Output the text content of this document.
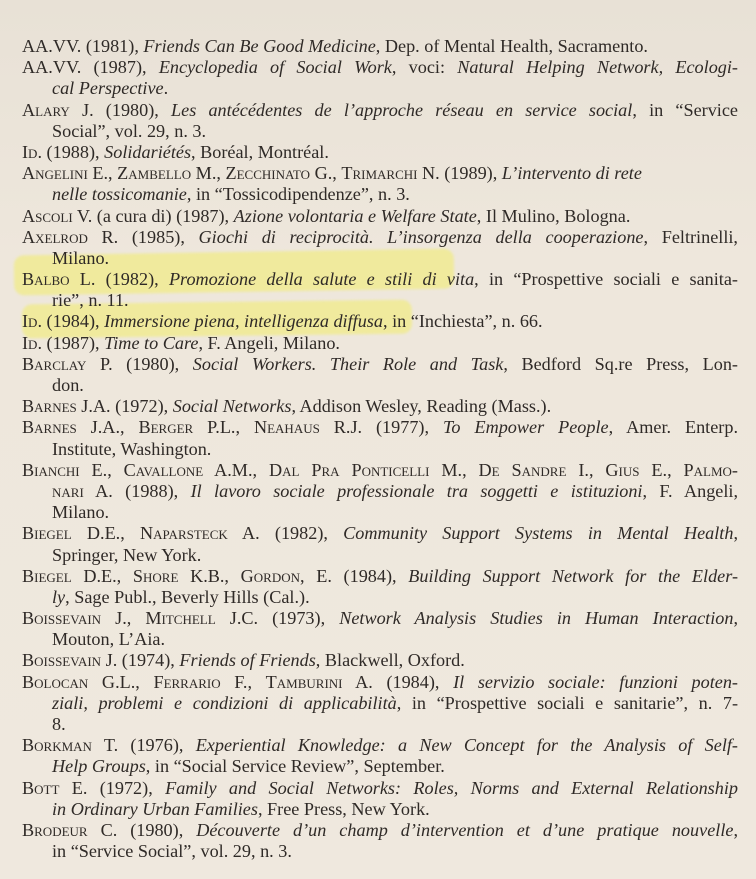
AA.VV. (1981), Friends Can Be Good Medicine, Dep. of Mental Health, Sacramento.
AA.VV. (1987), Encyclopedia of Social Work, voci: Natural Helping Network, Ecologi-
cal Perspective.
Alary J. (1980), Les antécédentes de l’approche réseau en service social, in “Service
Social”, vol. 29, n. 3.
Id. (1988), Solidariétés, Boréal, Montréal.
Angelini E., Zambello M., Zecchinato G., Trimarchi N. (1989), L’intervento di rete
nelle tossicomanie, in “Tossicodipendenze”, n. 3.
Ascoli V. (a cura di) (1987), Azione volontaria e Welfare State, Il Mulino, Bologna.
Axelrod R. (1985), Giochi di reciprocità. L’insorgenza della cooperazione, Feltrinelli,
Milano.
Balbo L. (1982), Promozione della salute e stili di vita, in “Prospettive sociali e sanita-
rie”, n. 11.
Id. (1984), Immersione piena, intelligenza diffusa, in “Inchiesta”, n. 66.
Id. (1987), Time to Care, F. Angeli, Milano.
Barclay P. (1980), Social Workers. Their Role and Task, Bedford Sq.re Press, Lon-
don.
Barnes J.A. (1972), Social Networks, Addison Wesley, Reading (Mass.).
Barnes J.A., Berger P.L., Neahaus R.J. (1977), To Empower People, Amer. Enterp.
Institute, Washington.
Bianchi E., Cavallone A.M., Dal Pra Ponticelli M., De Sandre I., Gius E., Palmo-
nari A. (1988), Il lavoro sociale professionale tra soggetti e istituzioni, F. Angeli,
Milano.
Biegel D.E., Naparsteck A. (1982), Community Support Systems in Mental Health,
Springer, New York.
Biegel D.E., Shore K.B., Gordon, E. (1984), Building Support Network for the Elder-
ly, Sage Publ., Beverly Hills (Cal.).
Boissevain J., Mitchell J.C. (1973), Network Analysis Studies in Human Interaction,
Mouton, L’Aia.
Boissevain J. (1974), Friends of Friends, Blackwell, Oxford.
Bolocan G.L., Ferrario F., Tamburini A. (1984), Il servizio sociale: funzioni poten-
ziali, problemi e condizioni di applicabilità, in “Prospettive sociali e sanitarie”, n. 7-
8.
Borkman T. (1976), Experiential Knowledge: a New Concept for the Analysis of Self-
Help Groups, in “Social Service Review”, September.
Bott E. (1972), Family and Social Networks: Roles, Norms and External Relationship
in Ordinary Urban Families, Free Press, New York.
Brodeur C. (1980), Découverte d’un champ d’intervention et d’une pratique nouvelle,
in “Service Social”, vol. 29, n. 3.
